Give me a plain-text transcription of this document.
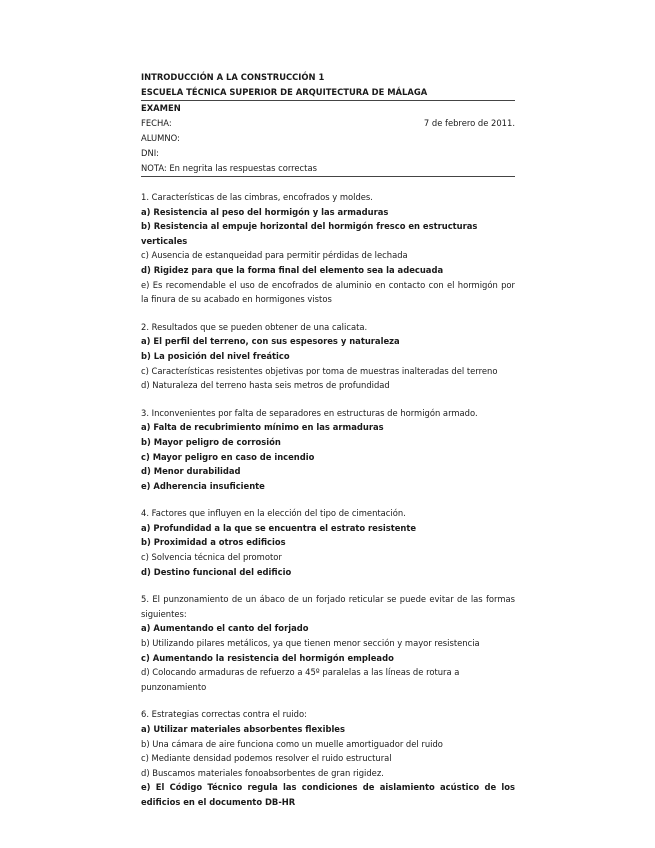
INTRODUCCIÓN A LA CONSTRUCCIÓN 1
ESCUELA TÉCNICA SUPERIOR DE ARQUITECTURA DE MÁLAGA
EXAMEN
FECHA:	7 de febrero de 2011.
ALUMNO:
DNI:
NOTA: En negrita las respuestas correctas
1. Características de las cimbras, encofrados y moldes.
a) Resistencia al peso del hormigón y las armaduras
b) Resistencia al empuje horizontal del hormigón fresco en estructuras verticales
c) Ausencia de estanqueidad para permitir pérdidas de lechada
d) Rigidez para que la forma final del elemento sea la adecuada
e) Es recomendable el uso de encofrados de aluminio en contacto con el hormigón por la finura de su acabado en hormigones vistos
2. Resultados que se pueden obtener de una calicata.
a) El perfil del terreno, con sus espesores y naturaleza
b) La posición del nivel freático
c) Características resistentes objetivas por toma de muestras inalteradas del terreno
d) Naturaleza del terreno hasta seis metros de profundidad
3. Inconvenientes por falta de separadores en estructuras de hormigón armado.
a) Falta de recubrimiento mínimo en las armaduras
b) Mayor peligro de corrosión
c) Mayor peligro en caso de incendio
d) Menor durabilidad
e) Adherencia insuficiente
4. Factores que influyen en la elección del tipo de cimentación.
a) Profundidad a la que se encuentra el estrato resistente
b) Proximidad a otros edificios
c) Solvencia técnica del promotor
d) Destino funcional del edificio
5. El punzonamiento de un ábaco de un forjado reticular se puede evitar de las formas siguientes:
a) Aumentando el canto del forjado
b) Utilizando pilares metálicos, ya que tienen menor sección y mayor resistencia
c) Aumentando la resistencia del hormigón empleado
d) Colocando armaduras de refuerzo a 45º paralelas a las líneas de rotura a punzonamiento
6. Estrategias correctas contra el ruido:
a) Utilizar materiales absorbentes flexibles
b) Una cámara de aire funciona como un muelle amortiguador del ruido
c) Mediante densidad podemos resolver el ruido estructural
d) Buscamos materiales fonoabsorbentes de gran rigidez.
e) El Código Técnico regula las condiciones de aislamiento acústico de los edificios en el documento DB-HR
